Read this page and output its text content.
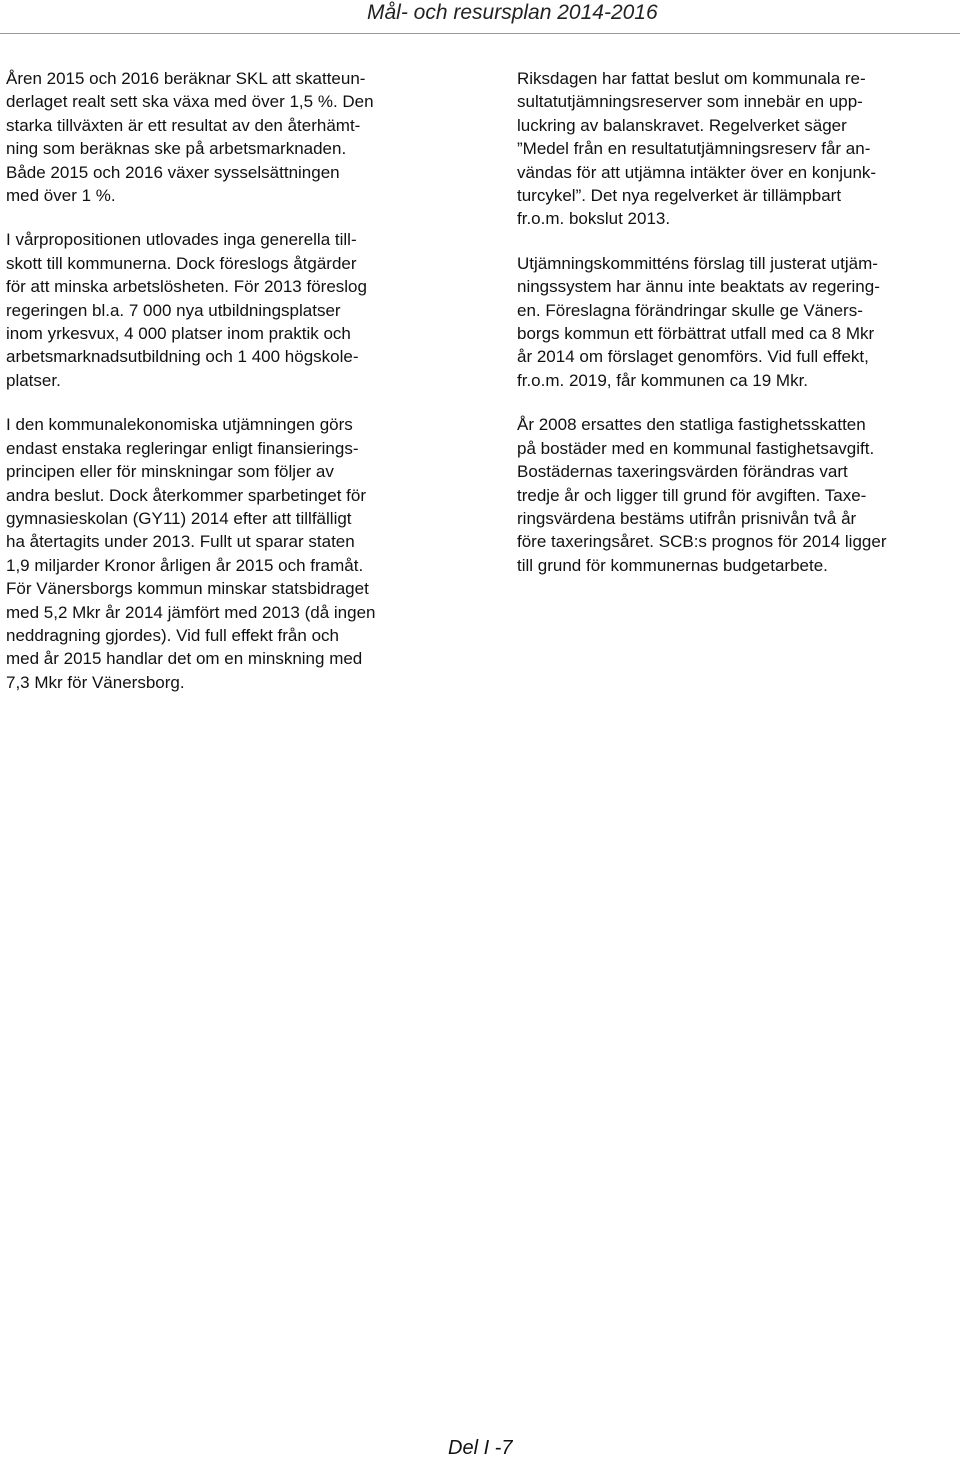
Mål- och resursplan 2014-2016

Åren 2015 och 2016 beräknar SKL att skatteun-
derlaget realt sett ska växa med över 1,5 %. Den
starka tillväxten är ett resultat av den återhämt-
ning som beräknas ske på arbetsmarknaden.
Både 2015 och 2016 växer sysselsättningen
med över 1 %.

I vårpropositionen utlovades inga generella till-
skott till kommunerna. Dock föreslogs åtgärder
för att minska arbetslösheten. För 2013 föreslog
regeringen bl.a. 7 000 nya utbildningsplatser
inom yrkesvux, 4 000 platser inom praktik och
arbetsmarknadsutbildning och 1 400 högskole-
platser.

I den kommunalekonomiska utjämningen görs
endast enstaka regleringar enligt finansierings-
principen eller för minskningar som följer av
andra beslut. Dock återkommer sparbetinget för
gymnasieskolan (GY11) 2014 efter att tillfälligt
ha återtagits under 2013. Fullt ut sparar staten
1,9 miljarder Kronor årligen år 2015 och framåt.
För Vänersborgs kommun minskar statsbidraget
med 5,2 Mkr år 2014 jämfört med 2013 (då ingen
neddragning gjordes). Vid full effekt från och
med år 2015 handlar det om en minskning med
7,3 Mkr för Vänersborg.

Riksdagen har fattat beslut om kommunala re-
sultatutjämningsreserver som innebär en upp-
luckring av balanskravet. Regelverket säger
”Medel från en resultatutjämningsreserv får an-
vändas för att utjämna intäkter över en konjunk-
turcykel”. Det nya regelverket är tillämpbart
fr.o.m. bokslut 2013.

Utjämningskommitténs förslag till justerat utjäm-
ningssystem har ännu inte beaktats av regering-
en. Föreslagna förändringar skulle ge Väners-
borgs kommun ett förbättrat utfall med ca 8 Mkr
år 2014 om förslaget genomförs. Vid full effekt,
fr.o.m. 2019, får kommunen ca 19 Mkr.

År 2008 ersattes den statliga fastighetsskatten
på bostäder med en kommunal fastighetsavgift.
Bostädernas taxeringsvärden förändras vart
tredje år och ligger till grund för avgiften. Taxe-
ringsvärdena bestäms utifrån prisnivån två år
före taxeringsåret. SCB:s prognos för 2014 ligger
till grund för kommunernas budgetarbete.

Del I -7
